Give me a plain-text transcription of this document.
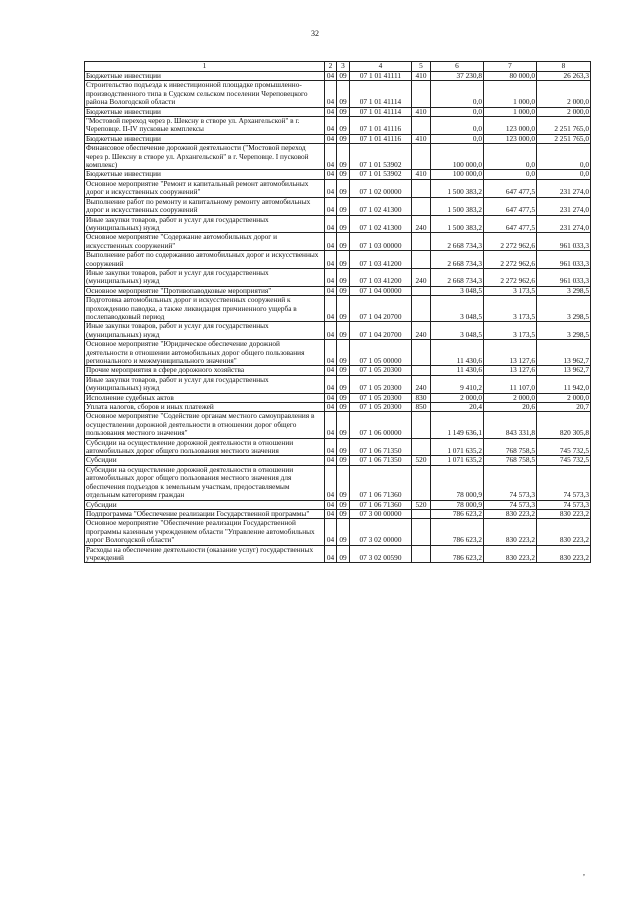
32
1	2	3	4	5	6	7	8
Бюджетные инвестиции	04	09	07 1 01 41111	410	37 230,8	80 000,0	26 263,3
Строительство подъезда к инвестиционной площадке промышленно-производственного типа в Судском сельском поселении Череповецкого района Вологодской области	04	09	07 1 01 41114		0,0	1 000,0	2 000,0
Бюджетные инвестиции	04	09	07 1 01 41114	410	0,0	1 000,0	2 000,0
"Мостовой переход через р. Шексну в створе ул. Архангельской" в г. Череповце. II-IV пусковые комплексы	04	09	07 1 01 41116		0,0	123 000,0	2 251 765,0
Бюджетные инвестиции	04	09	07 1 01 41116	410	0,0	123 000,0	2 251 765,0
Финансовое обеспечение дорожной деятельности ("Мостовой переход через р. Шексну в створе ул. Архангельской" в г. Череповце. I пусковой комплекс)	04	09	07 1 01 53902		100 000,0	0,0	0,0
Бюджетные инвестиции	04	09	07 1 01 53902	410	100 000,0	0,0	0,0
Основное мероприятие "Ремонт и капитальный ремонт автомобильных дорог и искусственных сооружений"	04	09	07 1 02 00000		1 500 383,2	647 477,5	231 274,0
Выполнение работ по ремонту и капитальному ремонту автомобильных дорог и искусственных сооружений	04	09	07 1 02 41300		1 500 383,2	647 477,5	231 274,0
Иные закупки товаров, работ и услуг для государственных (муниципальных) нужд	04	09	07 1 02 41300	240	1 500 383,2	647 477,5	231 274,0
Основное мероприятие "Содержание автомобильных дорог и искусственных сооружений"	04	09	07 1 03 00000		2 668 734,3	2 272 962,6	961 033,3
Выполнение работ по содержанию автомобильных дорог и искусственных сооружений	04	09	07 1 03 41200		2 668 734,3	2 272 962,6	961 033,3
Иные закупки товаров, работ и услуг для государственных (муниципальных) нужд	04	09	07 1 03 41200	240	2 668 734,3	2 272 962,6	961 033,3
Основное мероприятие "Противопаводковые мероприятия"	04	09	07 1 04 00000		3 048,5	3 173,5	3 298,5
Подготовка автомобильных дорог и искусственных сооружений к прохождению паводка, а также ликвидация причиненного ущерба в послепаводковый период	04	09	07 1 04 20700		3 048,5	3 173,5	3 298,5
Иные закупки товаров, работ и услуг для государственных (муниципальных) нужд	04	09	07 1 04 20700	240	3 048,5	3 173,5	3 298,5
Основное мероприятие "Юридическое обеспечение дорожной деятельности в отношении автомобильных дорог общего пользования регионального и межмуниципального значения"	04	09	07 1 05 00000		11 430,6	13 127,6	13 962,7
Прочие мероприятия в сфере дорожного хозяйства	04	09	07 1 05 20300		11 430,6	13 127,6	13 962,7
Иные закупки товаров, работ и услуг для государственных (муниципальных) нужд	04	09	07 1 05 20300	240	9 410,2	11 107,0	11 942,0
Исполнение судебных актов	04	09	07 1 05 20300	830	2 000,0	2 000,0	2 000,0
Уплата налогов, сборов и иных платежей	04	09	07 1 05 20300	850	20,4	20,6	20,7
Основное мероприятие "Содействие органам местного самоуправления в осуществлении дорожной деятельности в отношении дорог общего пользования местного значения"	04	09	07 1 06 00000		1 149 636,1	843 331,8	820 305,8
Субсидии на осуществление дорожной деятельности в отношении автомобильных дорог общего пользования местного значения	04	09	07 1 06 71350		1 071 635,2	768 758,5	745 732,5
Субсидии	04	09	07 1 06 71350	520	1 071 635,2	768 758,5	745 732,5
Субсидии на осуществление дорожной деятельности в отношении автомобильных дорог общего пользования местного значения для обеспечения подъездов к земельным участкам, предоставляемым отдельным категориям граждан	04	09	07 1 06 71360		78 000,9	74 573,3	74 573,3
Субсидии	04	09	07 1 06 71360	520	78 000,9	74 573,3	74 573,3
Подпрограмма "Обеспечение реализации Государственной программы"	04	09	07 3 00 00000		786 623,2	830 223,2	830 223,2
Основное мероприятие "Обеспечение реализации Государственной программы казенным учреждением области "Управление автомобильных дорог Вологодской области"	04	09	07 3 02 00000		786 623,2	830 223,2	830 223,2
Расходы на обеспечение деятельности (оказание услуг) государственных учреждений	04	09	07 3 02 00590		786 623,2	830 223,2	830 223,2
,
